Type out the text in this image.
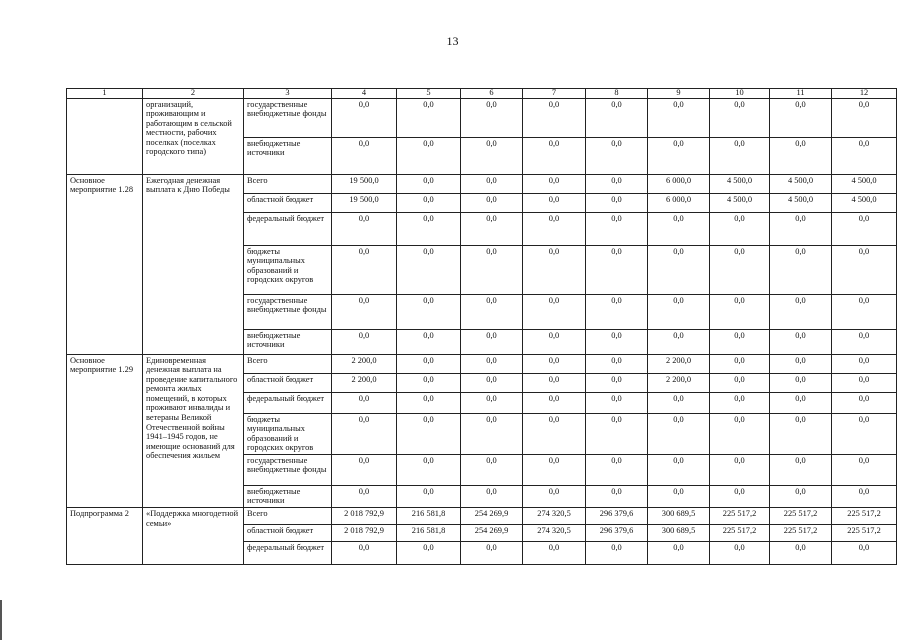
13
1	2	3	4	5	6	7	8	9	10	11	12
	организаций, проживающим и работающим в сельской местности, рабочих поселках (поселках городского типа)	государственные внебюджетные фонды	0,0	0,0	0,0	0,0	0,0	0,0	0,0	0,0	0,0
		внебюджетные источники	0,0	0,0	0,0	0,0	0,0	0,0	0,0	0,0	0,0
Основное мероприятие 1.28	Ежегодная денежная выплата к Дню Победы	Всего	19 500,0	0,0	0,0	0,0	0,0	6 000,0	4 500,0	4 500,0	4 500,0
		областной бюджет	19 500,0	0,0	0,0	0,0	0,0	6 000,0	4 500,0	4 500,0	4 500,0
		федеральный бюджет	0,0	0,0	0,0	0,0	0,0	0,0	0,0	0,0	0,0
		бюджеты муниципальных образований и городских округов	0,0	0,0	0,0	0,0	0,0	0,0	0,0	0,0	0,0
		государственные внебюджетные фонды	0,0	0,0	0,0	0,0	0,0	0,0	0,0	0,0	0,0
		внебюджетные источники	0,0	0,0	0,0	0,0	0,0	0,0	0,0	0,0	0,0
Основное мероприятие 1.29	Единовременная денежная выплата на проведение капитального ремонта жилых помещений, в которых проживают инвалиды и ветераны Великой Отечественной войны 1941–1945 годов, не имеющие оснований для обеспечения жильем	Всего	2 200,0	0,0	0,0	0,0	0,0	2 200,0	0,0	0,0	0,0
		областной бюджет	2 200,0	0,0	0,0	0,0	0,0	2 200,0	0,0	0,0	0,0
		федеральный бюджет	0,0	0,0	0,0	0,0	0,0	0,0	0,0	0,0	0,0
		бюджеты муниципальных образований и городских округов	0,0	0,0	0,0	0,0	0,0	0,0	0,0	0,0	0,0
		государственные внебюджетные фонды	0,0	0,0	0,0	0,0	0,0	0,0	0,0	0,0	0,0
		внебюджетные источники	0,0	0,0	0,0	0,0	0,0	0,0	0,0	0,0	0,0
Подпрограмма 2	«Поддержка многодетной семьи»	Всего	2 018 792,9	216 581,8	254 269,9	274 320,5	296 379,6	300 689,5	225 517,2	225 517,2	225 517,2
		областной бюджет	2 018 792,9	216 581,8	254 269,9	274 320,5	296 379,6	300 689,5	225 517,2	225 517,2	225 517,2
		федеральный бюджет	0,0	0,0	0,0	0,0	0,0	0,0	0,0	0,0	0,0
